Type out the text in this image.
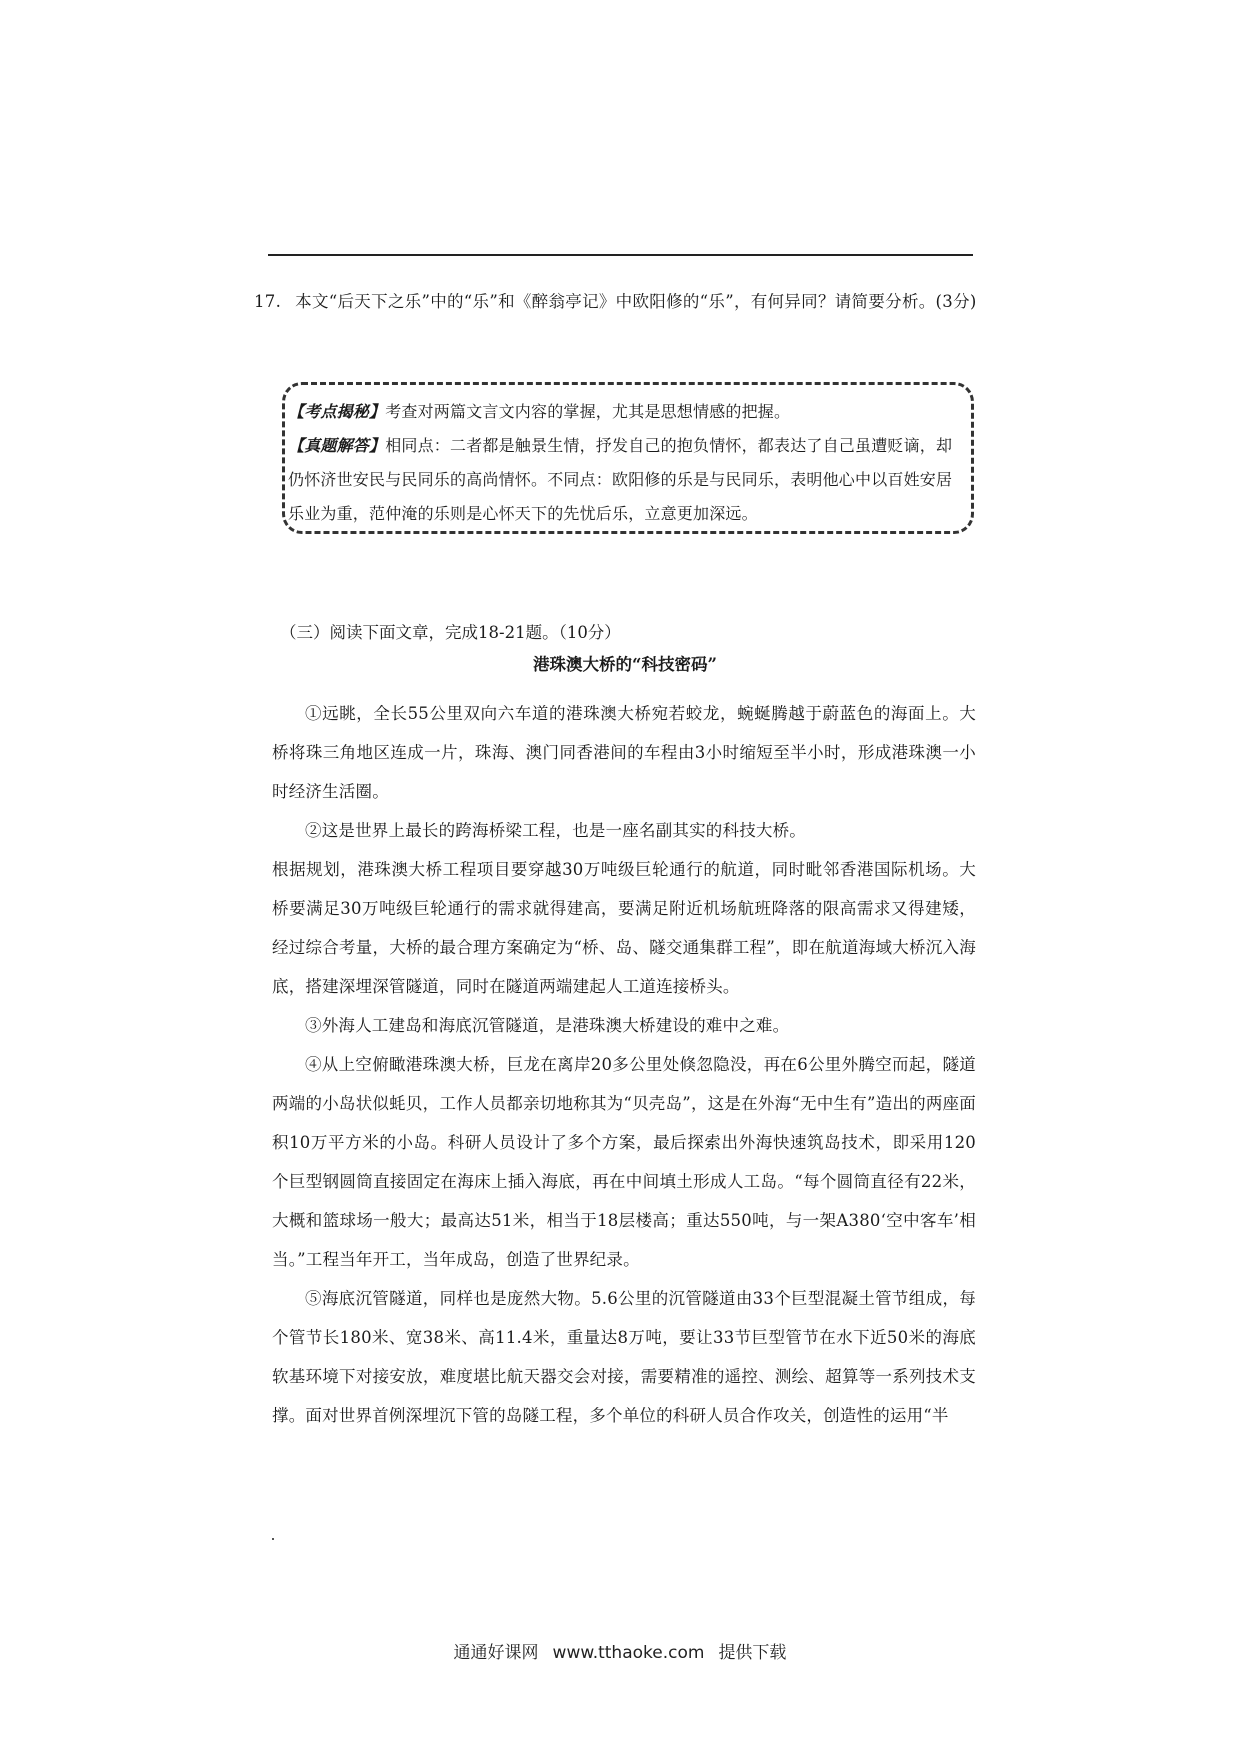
17. 本文“后天下之乐”中的“乐”和《醉翁亭记》中欧阳修的“乐”，有何异同？请简要分析。(3分)
【考点揭秘】考查对两篇文言文内容的掌握，尤其是思想情感的把握。
【真题解答】相同点：二者都是触景生情，抒发自己的抱负情怀，都表达了自己虽遭贬谪，却仍怀济世安民与民同乐的高尚情怀。不同点：欧阳修的乐是与民同乐，表明他心中以百姓安居乐业为重，范仲淹的乐则是心怀天下的先忧后乐，立意更加深远。
（三）阅读下面文章，完成18-21题。（10分）
港珠澳大桥的“科技密码”
①远眺，全长55公里双向六车道的港珠澳大桥宛若蛟龙，蜿蜒腾越于蔚蓝色的海面上。大桥将珠三角地区连成一片，珠海、澳门同香港间的车程由3小时缩短至半小时，形成港珠澳一小时经济生活圈。
②这是世界上最长的跨海桥梁工程，也是一座名副其实的科技大桥。
根据规划，港珠澳大桥工程项目要穿越30万吨级巨轮通行的航道，同时毗邻香港国际机场。大桥要满足30万吨级巨轮通行的需求就得建高，要满足附近机场航班降落的限高需求又得建矮，经过综合考量，大桥的最合理方案确定为“桥、岛、隧交通集群工程”，即在航道海域大桥沉入海底，搭建深埋深管隧道，同时在隧道两端建起人工道连接桥头。
③外海人工建岛和海底沉管隧道，是港珠澳大桥建设的难中之难。
④从上空俯瞰港珠澳大桥，巨龙在离岸20多公里处倏忽隐没，再在6公里外腾空而起，隧道两端的小岛状似蚝贝，工作人员都亲切地称其为“贝壳岛”，这是在外海“无中生有”造出的两座面积10万平方米的小岛。科研人员设计了多个方案，最后探索出外海快速筑岛技术，即采用120个巨型钢圆筒直接固定在海床上插入海底，再在中间填土形成人工岛。“每个圆筒直径有22米，大概和篮球场一般大；最高达51米，相当于18层楼高；重达550吨，与一架A380‘空中客车’相当。”工程当年开工，当年成岛，创造了世界纪录。
⑤海底沉管隧道，同样也是庞然大物。5.6公里的沉管隧道由33个巨型混凝土管节组成，每个管节长180米、宽38米、高11.4米，重量达8万吨，要让33节巨型管节在水下近50米的海底软基环境下对接安放，难度堪比航天器交会对接，需要精准的遥控、测绘、超算等一系列技术支撑。面对世界首例深埋沉下管的岛隧工程，多个单位的科研人员合作攻关，创造性的运用“半
通通好课网 www.tthaoke.com 提供下载
